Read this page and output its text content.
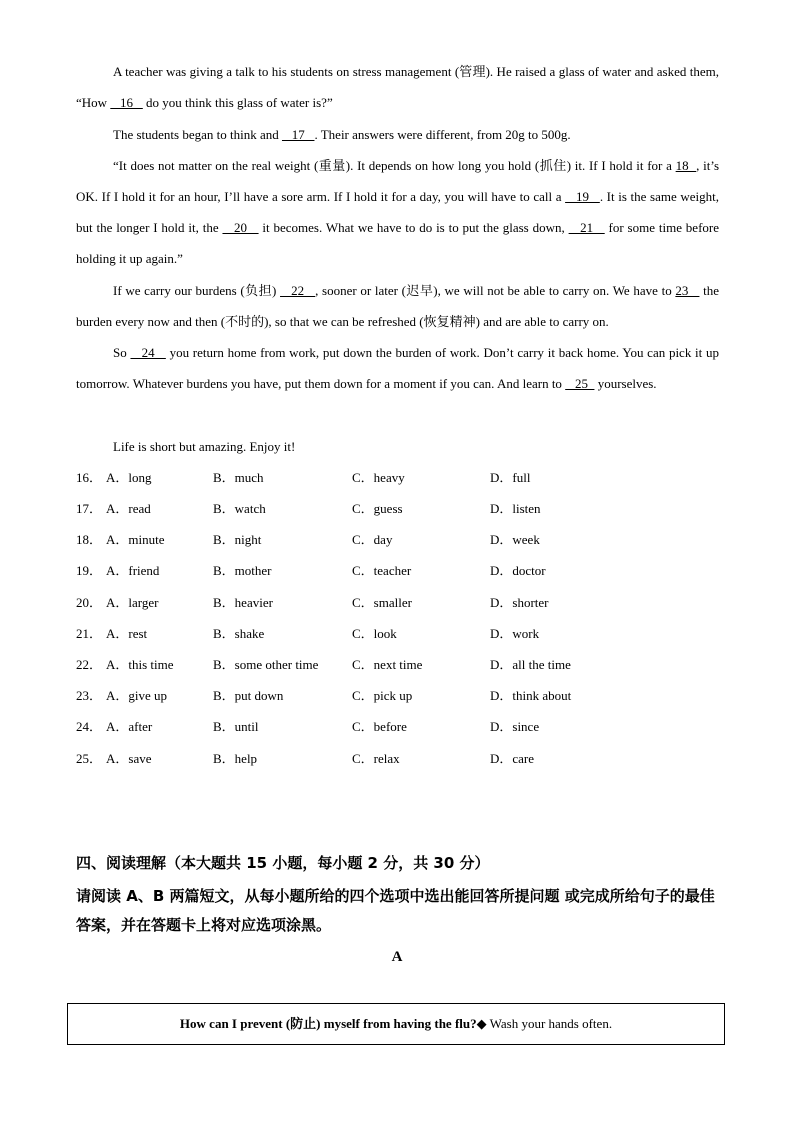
A teacher was giving a talk to his students on stress management (管理). He raised a glass of water and asked them, “How    16    do you think this glass of water is?”
The students began to think and    17   . Their answers were different, from 20g to 500g.
“It does not matter on the real weight (重量). It depends on how long you hold (抓住) it. If I hold it for a 18  , it’s OK. If I hold it for an hour, I’ll have a sore arm. If I hold it for a day, you will have to call a    19   . It is the same weight, but the longer I hold it, the    20    it becomes. What we have to do is to put the glass down,    21    for some time before holding it up again.”
If we carry our burdens (负担)    22   , sooner or later (迟早), we will not be able to carry on. We have to 23    the burden every now and then (不时的), so that we can be refreshed (恢复精神) and are able to carry on.
So    24    you return home from work, put down the burden of work. Don’t carry it back home. You can pick it up tomorrow. Whatever burdens you have, put them down for a moment if you can. And learn to    25   yourselves.
Life is short but amazing. Enjoy it!
16． A．long	B．much	C．heavy	D．full
17． A．read	B．watch	C．guess	D．listen
18． A．minute	B．night	C．day	D．week
19． A．friend	B．mother	C．teacher	D．doctor
20． A．larger	B．heavier	C．smaller	D．shorter
21． A．rest	B．shake	C．look	D．work
22． A．this time	B．some other time	C．next time	D．all the time
23． A．give up	B．put down	C．pick up	D．think about
24． A．after	B．until	C．before	D．since
25． A．save	B．help	C．relax	D．care
四、阅读理解（本大题共 15 小题，每小题 2 分，共 30 分）
请阅读 A、B 两篇短文，从每小题所给的四个选项中选出能回答所提问题 或完成所给句子的最佳答案，并在答题卡上将对应选项涂黑。
A
How can I prevent (防止) myself from having the flu?◆ Wash your hands often.
